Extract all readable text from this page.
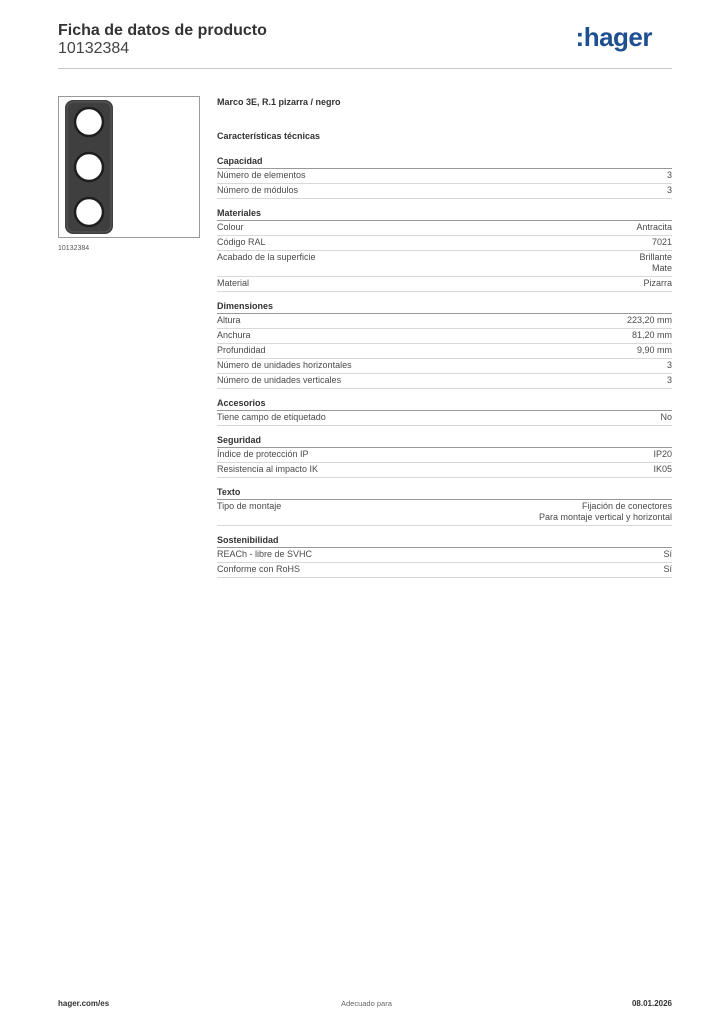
Ficha de datos de producto
10132384	:hager
10132384
Marco 3E, R.1 pizarra / negro
Características técnicas
Capacidad
Número de elementos	3
Número de módulos	3
Materiales
Colour	Antracita
Código RAL	7021
Acabado de la superficie	Brillante
Mate
Material	Pizarra
Dimensiones
Altura	223,20 mm
Anchura	81,20 mm
Profundidad	9,90 mm
Número de unidades horizontales	3
Número de unidades verticales	3
Accesorios
Tiene campo de etiquetado	No
Seguridad
Índice de protección IP	IP20
Resistencia al impacto IK	IK05
Texto
Tipo de montaje	Fijación de conectores
Para montaje vertical y horizontal
Sostenibilidad
REACh - libre de SVHC	Sí
Conforme con RoHS	Sí
hager.com/es	Adecuado para	08.01.2026
